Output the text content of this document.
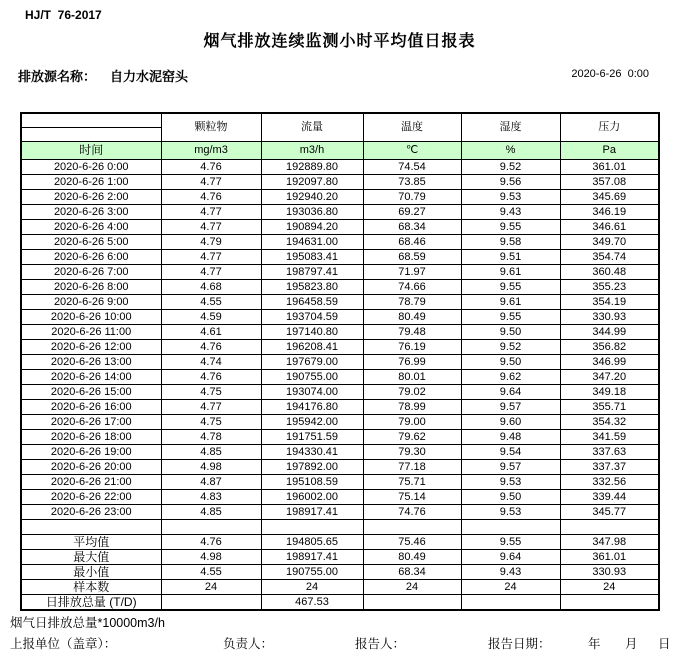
HJ/T  76-2017
烟气排放连续监测小时平均值日报表
排放源名称： 自力水泥窑头	2020-6-26  0:00
	颗粒物	流量	温度	湿度	压力

时间	mg/m3	m3/h	℃	%	Pa
2020-6-26 0:00	4.76	192889.80	74.54	9.52	361.01
2020-6-26 1:00	4.77	192097.80	73.85	9.56	357.08
2020-6-26 2:00	4.76	192940.20	70.79	9.53	345.69
2020-6-26 3:00	4.77	193036.80	69.27	9.43	346.19
2020-6-26 4:00	4.77	190894.20	68.34	9.55	346.61
2020-6-26 5:00	4.79	194631.00	68.46	9.58	349.70
2020-6-26 6:00	4.77	195083.41	68.59	9.51	354.74
2020-6-26 7:00	4.77	198797.41	71.97	9.61	360.48
2020-6-26 8:00	4.68	195823.80	74.66	9.55	355.23
2020-6-26 9:00	4.55	196458.59	78.79	9.61	354.19
2020-6-26 10:00	4.59	193704.59	80.49	9.55	330.93
2020-6-26 11:00	4.61	197140.80	79.48	9.50	344.99
2020-6-26 12:00	4.76	196208.41	76.19	9.52	356.82
2020-6-26 13:00	4.74	197679.00	76.99	9.50	346.99
2020-6-26 14:00	4.76	190755.00	80.01	9.62	347.20
2020-6-26 15:00	4.75	193074.00	79.02	9.64	349.18
2020-6-26 16:00	4.77	194176.80	78.99	9.57	355.71
2020-6-26 17:00	4.75	195942.00	79.00	9.60	354.32
2020-6-26 18:00	4.78	191751.59	79.62	9.48	341.59
2020-6-26 19:00	4.85	194330.41	79.30	9.54	337.63
2020-6-26 20:00	4.98	197892.00	77.18	9.57	337.37
2020-6-26 21:00	4.87	195108.59	75.71	9.53	332.56
2020-6-26 22:00	4.83	196002.00	75.14	9.50	339.44
2020-6-26 23:00	4.85	198917.41	74.76	9.53	345.77

平均值	4.76	194805.65	75.46	9.55	347.98
最大值	4.98	198917.41	80.49	9.64	361.01
最小值	4.55	190755.00	68.34	9.43	330.93
样本数	24	24	24	24	24
日排放总量 (T/D)		467.53			
烟气日排放总量*10000m3/h
上报单位（盖章）：	负责人：	报告人：	报告日期：	年 月 日
